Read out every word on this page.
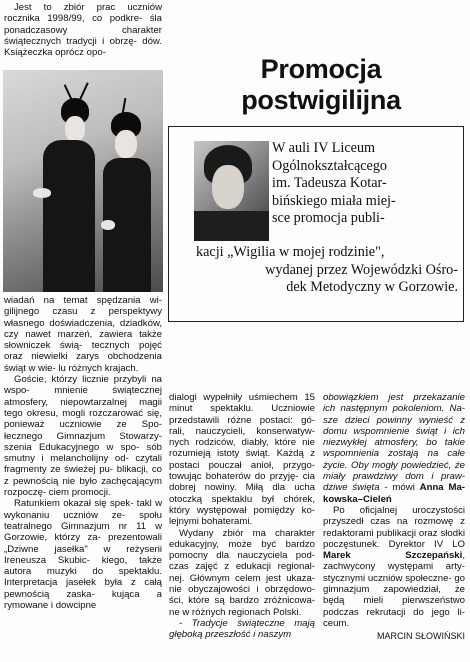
Jest to zbiór prac uczniów rocznika 1998/99, co podkre- śla ponadczasowy charakter świątecznych tradycji i obrzę- dów. Książeczka oprócz opo-

Promocja
postwigilijna

W auli IV Liceum

Ogólnokształcącego

im. Tadeusza Kotar-

bińskiego miała miej-

sce promocja publi-

kacji „Wigilia w mojej rodzinie",

wydanej przez Wojewódzki Ośro-

dek Metodyczny w Gorzowie.

wiadań na temat spędzania wi- gilijnego czasu z perspektywy własnego doświadczenia, dziadków, czy nawet marzeń, zawiera także słowniczek świą- tecznych pojęć oraz niewielki zarys obchodzenia świąt w wie- lu różnych krajach.

Goście, którzy licznie przybyli na wspo-	mnienie świątecznej atmosfery, niepowtarzalnej magii tego okresu, mogli rozczarować się, ponieważ uczniowie ze Spo- łecznego Gimnazjum Stowarzy- szenia Edukacyjnego w spo- sób smutny i melancholijny od- czytali fragmenty ze świeżej pu- blikacji, co z pewnością nie było zachęcającym rozpoczę- ciem promocji.

Ratunkiem okazał się spek- takl w wykonaniu uczniów ze- społu teatralnego Gimnazjum nr 11 w Gorzowie, którzy za- prezentowali „Dziwne jasełka" w reżyserii Ireneusza Skubic- kiego, także autora muzyki do spektaklu. Interpretacja jasełek była z całą pewnością zaska- kująca a rymowane i dowcipne

dialogi wypełniły uśmiechem 15 minut spektaklu. Uczniowie przedstawili różne postaci: gó- rali, nauczycieli, konserwatyw- nych rodziców, diabły, które nie rozumieją istoty świąt. Każdą z postaci pouczał anioł, przygo- towując bohaterów do przyję- cia dobrej nowiny. Miłą dla ucha otoczką spektaklu był chórek, który występował pomiędzy ko- lejnymi bohaterami.

Wydany zbiór ma charakter edukacyjny, może być bardzo pomocny dla nauczyciela pod- czas zajęć z edukacji regional- nej. Głównym celem jest ukaza- nie obyczajowości i obrzędowo- ści, które są bardzo zróżnicowa- ne w różnych regionach Polski.

- Tradycje świąteczne mają głęboką przeszłość i naszym

obowiązkiem jest przekazanie ich następnym pokoleniom. Na- sze dzieci powinny wynieść z domu wspomnienie świąt i ich niezwykłej atmosfery, bo takie wspomnienia zostają na całe życie. Oby mogły powiedzieć, że miały prawdziwy dom i praw- dziwe święta - mówi Anna Ma- kowska–Cieleń

Po oficjalnej uroczystości przyszedł czas na rozmowę z redaktorami publikacji oraz słodki poczęstunek. Dyrektor IV LO Marek Szczepański, zachwycony występami arty- stycznymi uczniów społeczne- go gimnazjum zapowiedział, że będą mieli pierwszeństwo podczas rekrutacji do jego li- ceum.

MARCIN SŁOWIŃSKI
